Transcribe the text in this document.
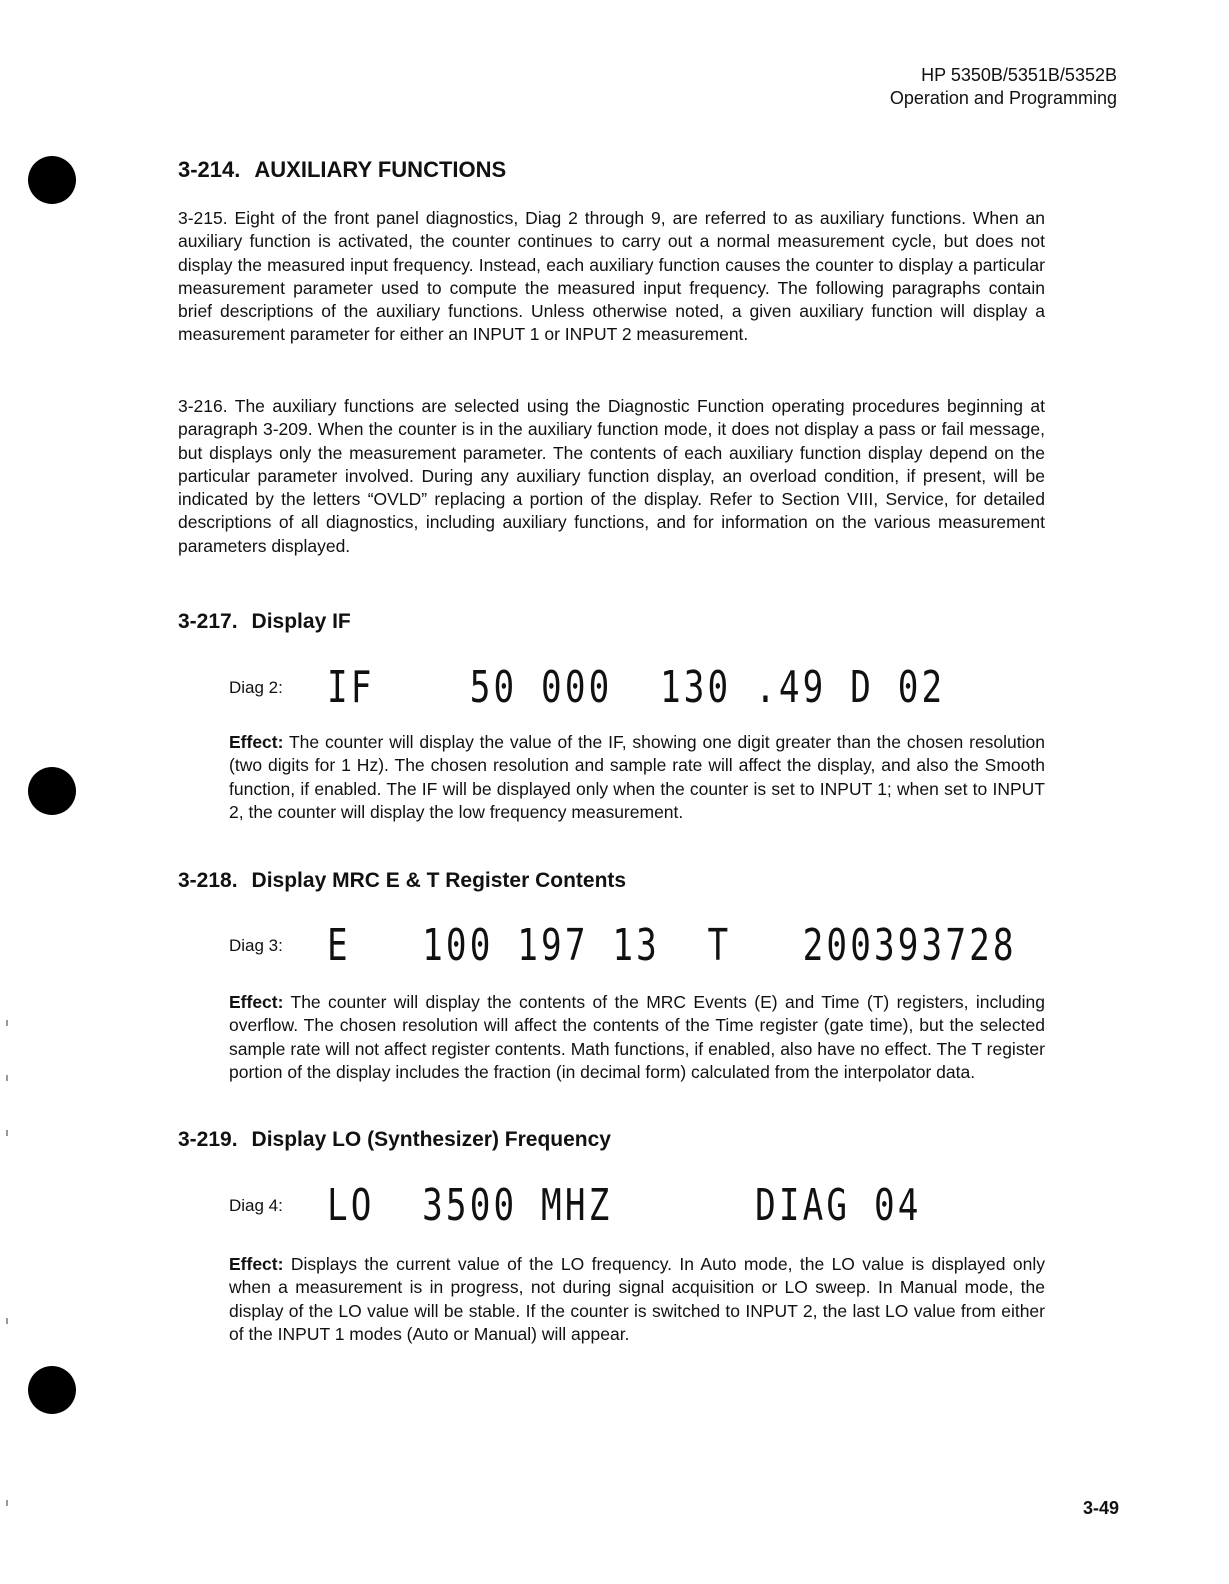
HP 5350B/5351B/5352B
Operation and Programming
3-214. AUXILIARY FUNCTIONS

3-215. Eight of the front panel diagnostics, Diag 2 through 9, are referred to as auxiliary functions. When an auxiliary function is activated, the counter continues to carry out a normal measurement cycle, but does not display the measured input frequency. Instead, each auxiliary function causes the counter to display a particular measurement parameter used to compute the measured input frequency. The following paragraphs contain brief descriptions of the auxiliary functions. Unless otherwise noted, a given auxiliary function will display a measurement parameter for either an INPUT 1 or INPUT 2 measurement.

3-216. The auxiliary functions are selected using the Diagnostic Function operating procedures beginning at paragraph 3-209. When the counter is in the auxiliary function mode, it does not display a pass or fail message, but displays only the measurement parameter. The contents of each auxiliary function display depend on the particular parameter involved. During any auxiliary function display, an overload condition, if present, will be indicated by the letters “OVLD” replacing a portion of the display. Refer to Section VIII, Service, for detailed descriptions of all diagnostics, including auxiliary functions, and for information on the various measurement parameters displayed.

3-217. Display IF
Diag 2: IF    50 000  130 .49 D 02

Effect: The counter will display the value of the IF, showing one digit greater than the chosen resolution (two digits for 1 Hz). The chosen resolution and sample rate will affect the display, and also the Smooth function, if enabled. The IF will be displayed only when the counter is set to INPUT 1; when set to INPUT 2, the counter will display the low frequency measurement.

3-218. Display MRC E & T Register Contents
Diag 3: E   100 197 13  T   200393728

Effect: The counter will display the contents of the MRC Events (E) and Time (T) registers, including overflow. The chosen resolution will affect the contents of the Time register (gate time), but the selected sample rate will not affect register contents. Math functions, if enabled, also have no effect. The T register portion of the display includes the fraction (in decimal form) calculated from the interpolator data.

3-219. Display LO (Synthesizer) Frequency
Diag 4: LO  3500 MHZ      DIAG 04

Effect: Displays the current value of the LO frequency. In Auto mode, the LO value is displayed only when a measurement is in progress, not during signal acquisition or LO sweep. In Manual mode, the display of the LO value will be stable. If the counter is switched to INPUT 2, the last LO value from either of the INPUT 1 modes (Auto or Manual) will appear.

3-49
